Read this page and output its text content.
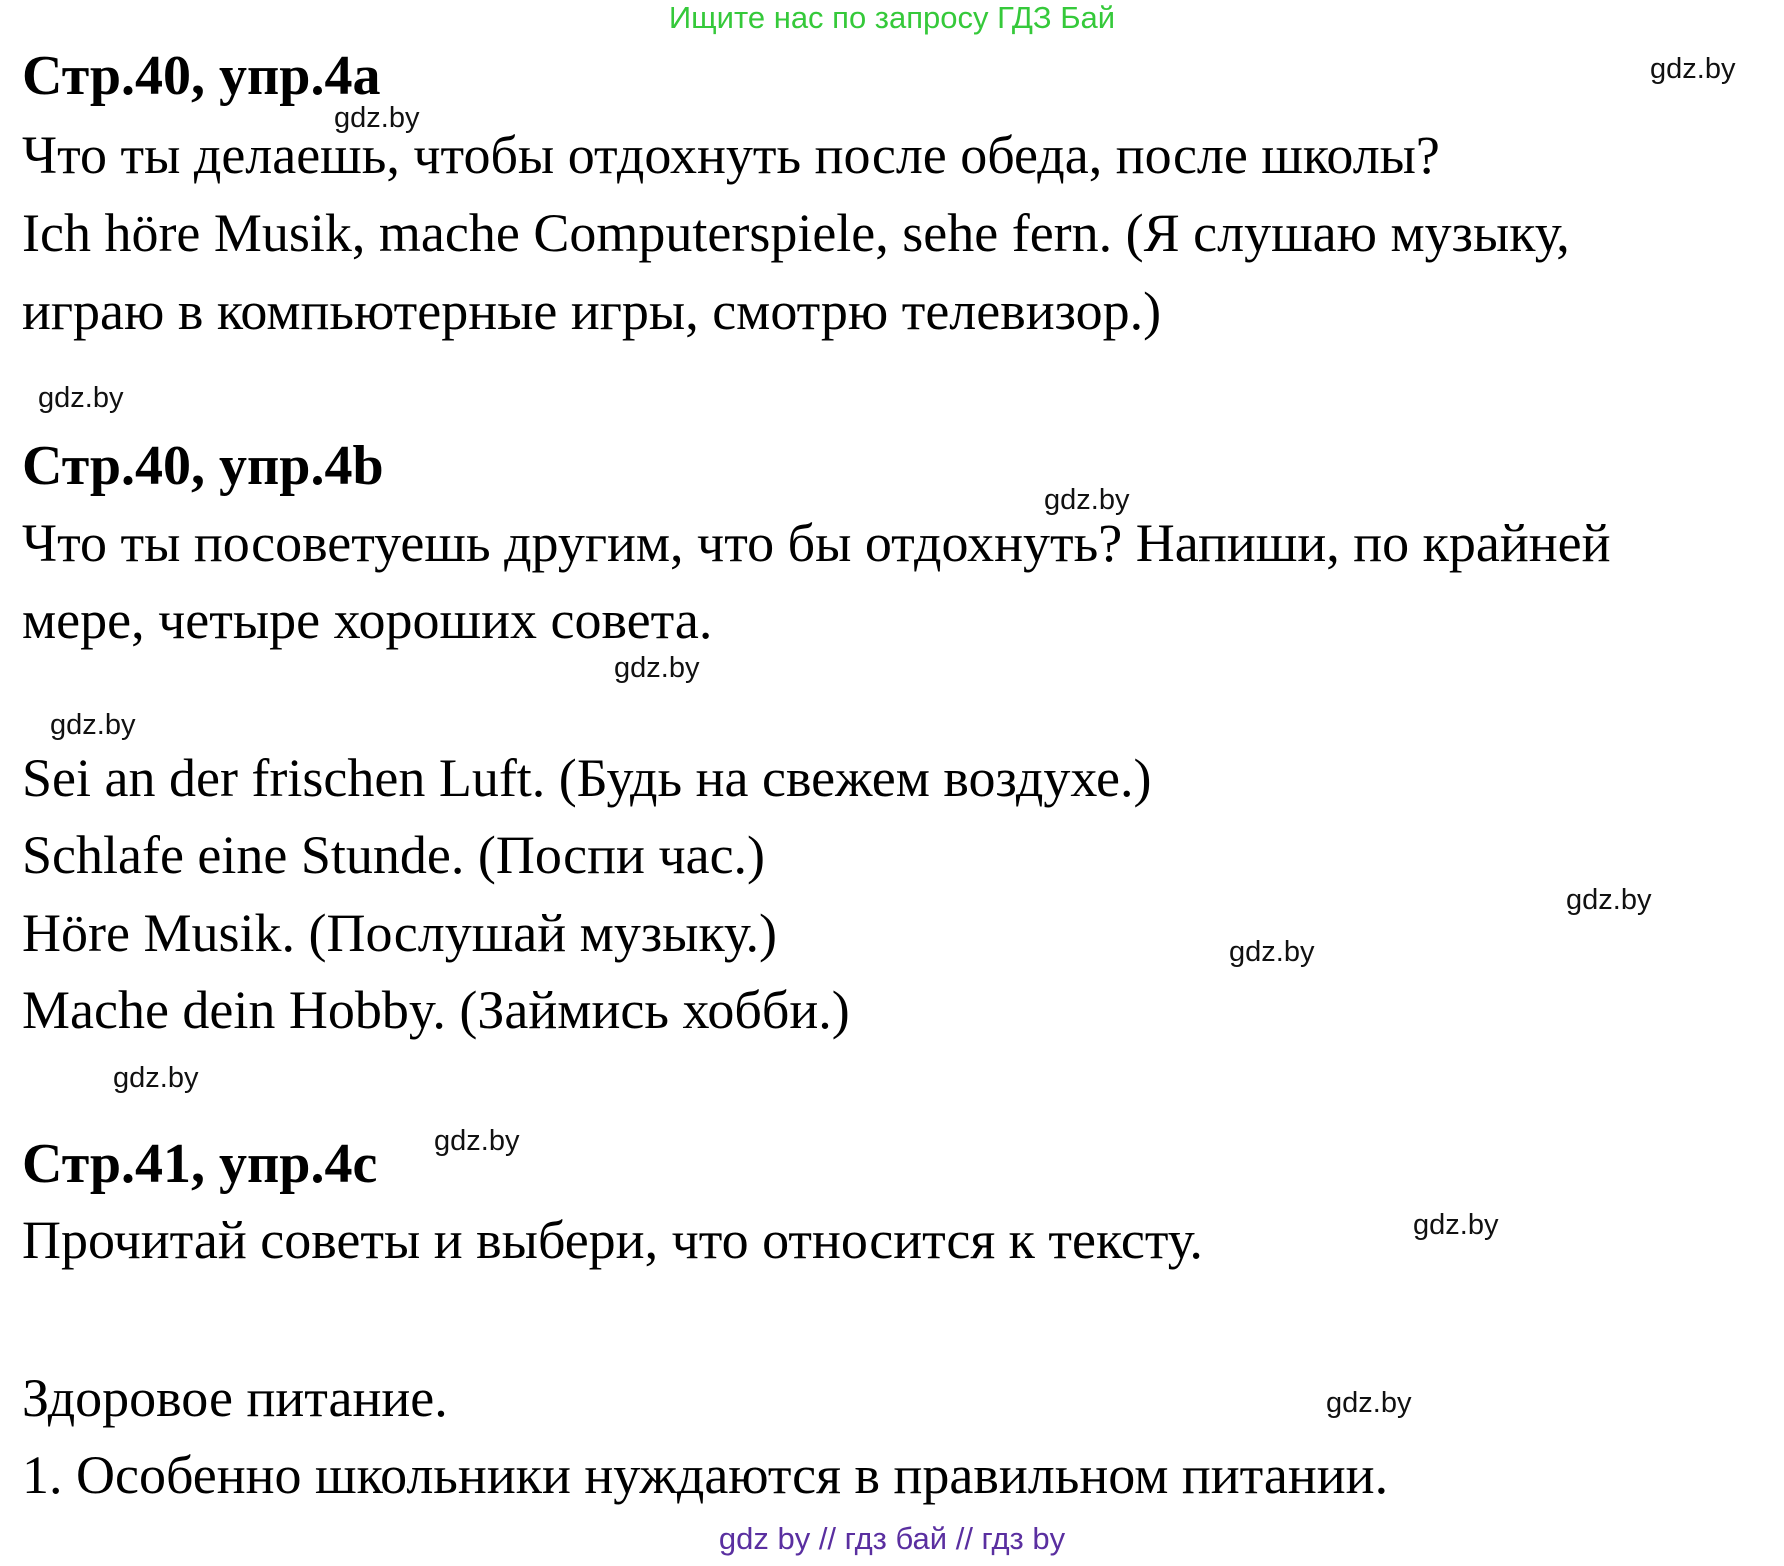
Ищите нас по запросу ГДЗ Бай
Стр.40, упр.4a
Что ты делаешь, чтобы отдохнуть после обеда, после школы?
Ich höre Musik, mache Computerspiele, sehe fern. (Я слушаю музыку,
играю в компьютерные игры, смотрю телевизор.)
Стр.40, упр.4b
Что ты посоветуешь другим, что бы отдохнуть? Напиши, по крайней
мере, четыре хороших совета.
Sei an der frischen Luft. (Будь на свежем воздухе.)
Schlafe eine Stunde. (Поспи час.)
Höre Musik. (Послушай музыку.)
Mache dein Hobby. (Займись хобби.)
Стр.41, упр.4c
Прочитай советы и выбери, что относится к тексту.
Здоровое питание.
1. Особенно школьники нуждаются в правильном питании.
gdz.by
gdz.by
gdz.by
gdz.by
gdz.by
gdz.by
gdz.by
gdz.by
gdz.by
gdz.by
gdz.by
gdz.by
gdz by // гдз бай // гдз by
